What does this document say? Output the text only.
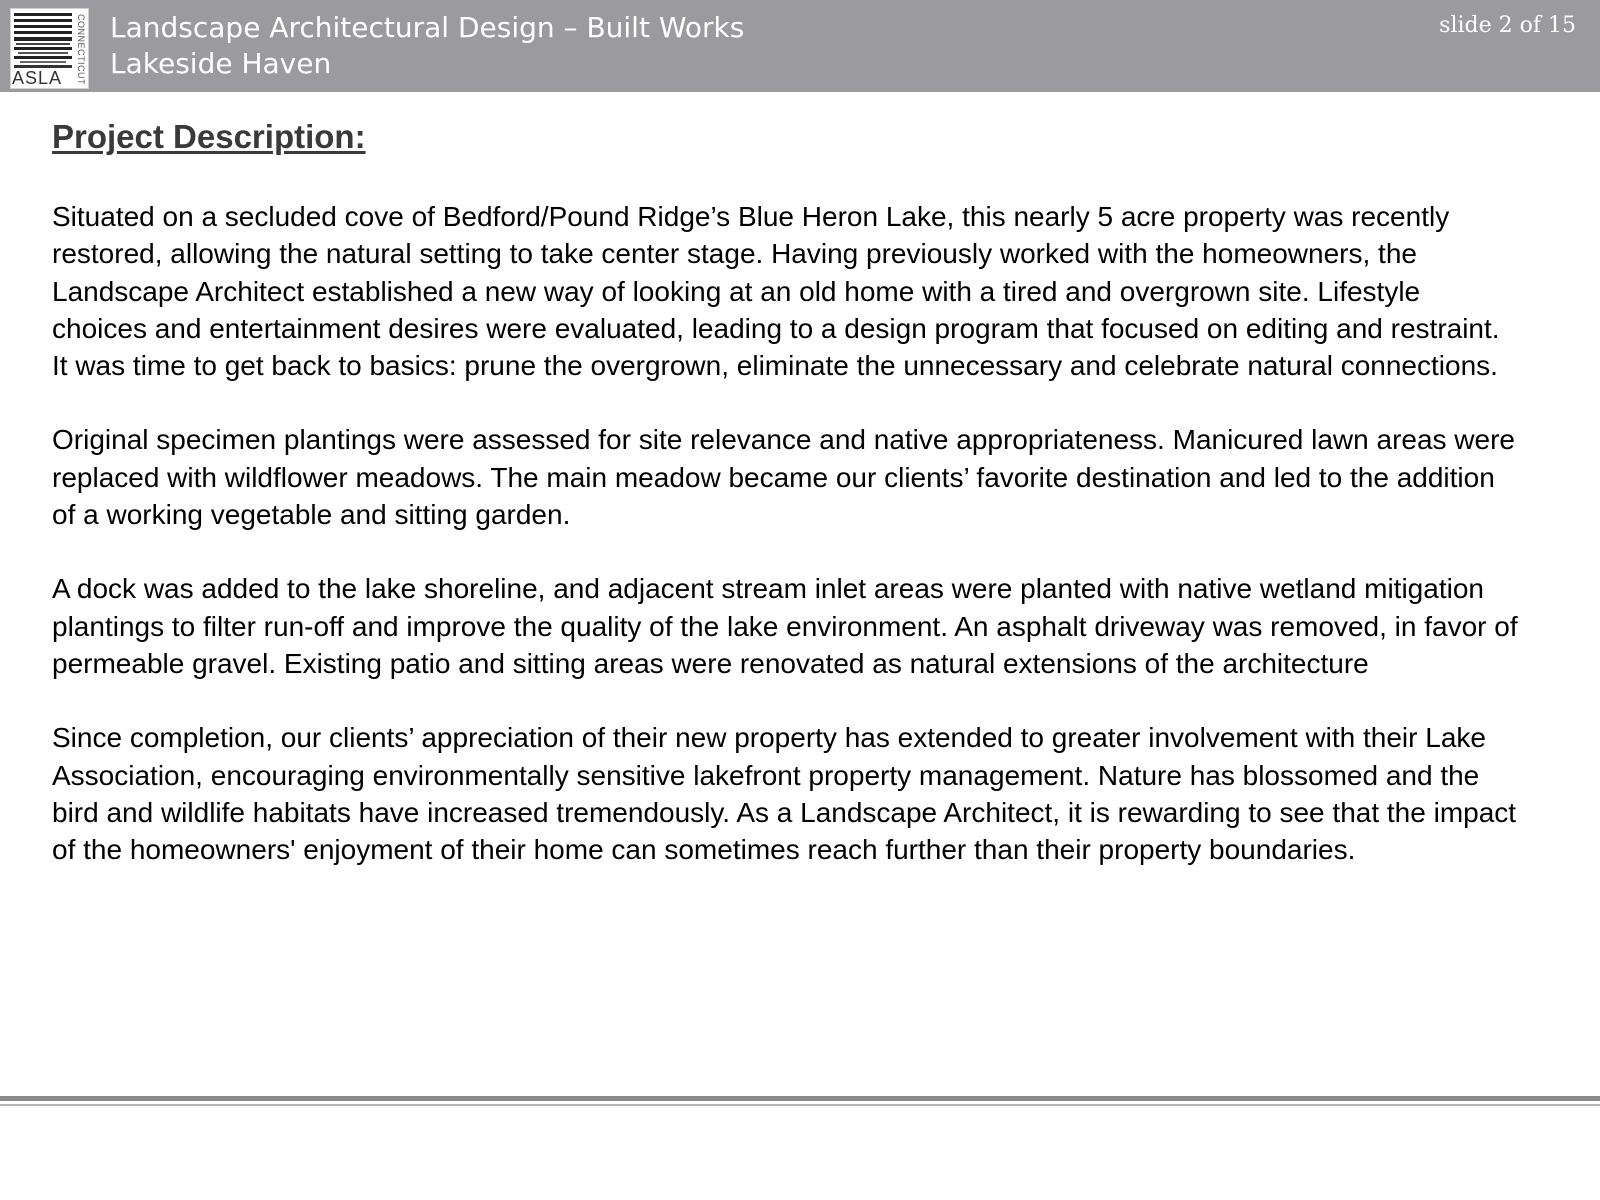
ASLA CONNECTICUT Landscape Architectural Design – Built Works
Lakeside Haven
slide 2 of 15
Project Description:

Situated on a secluded cove of Bedford/Pound Ridge’s Blue Heron Lake, this nearly 5 acre property was recently restored, allowing the natural setting to take center stage. Having previously worked with the homeowners, the Landscape Architect established a new way of looking at an old home with a tired and overgrown site. Lifestyle choices and entertainment desires were evaluated, leading to a design program that focused on editing and restraint. It was time to get back to basics: prune the overgrown, eliminate the unnecessary and celebrate natural connections.

Original specimen plantings were assessed for site relevance and native appropriateness. Manicured lawn areas were replaced with wildflower meadows. The main meadow became our clients’ favorite destination and led to the addition of a working vegetable and sitting garden.

A dock was added to the lake shoreline, and adjacent stream inlet areas were planted with native wetland mitigation plantings to filter run-off and improve the quality of the lake environment. An asphalt driveway was removed, in favor of permeable gravel. Existing patio and sitting areas were renovated as natural extensions of the architecture

Since completion, our clients’ appreciation of their new property has extended to greater involvement with their Lake Association, encouraging environmentally sensitive lakefront property management. Nature has blossomed and the bird and wildlife habitats have increased tremendously. As a Landscape Architect, it is rewarding to see that the impact of the homeowners' enjoyment of their home can sometimes reach further than their property boundaries.
